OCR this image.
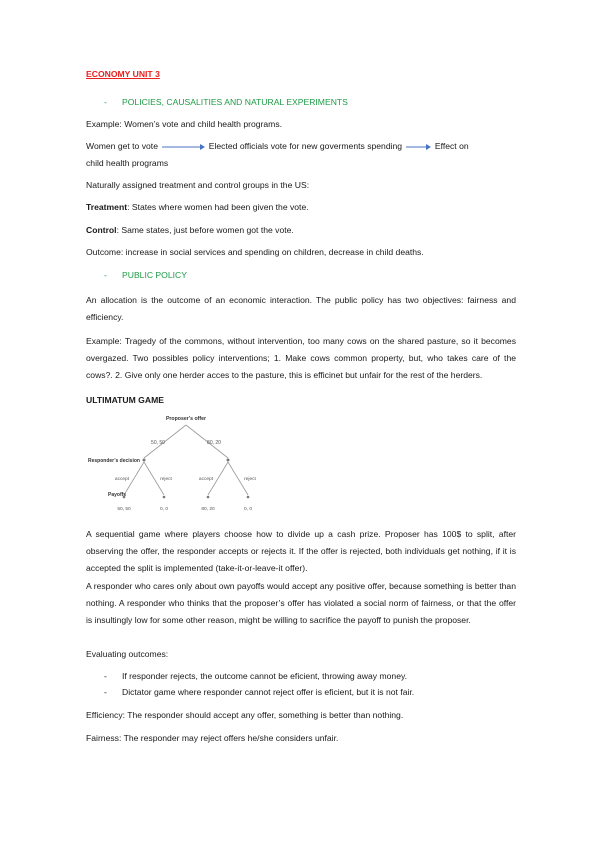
ECONOMY UNIT 3

- POLICIES, CAUSALITIES AND NATURAL EXPERIMENTS

Example: Women’s vote and child health programs.

Women get to vote	Elected officials vote for new goverments spending	Effect on
child health programs

Naturally assigned treatment and control groups in the US:

Treatment: States where women had been given the vote.

Control: Same states, just before women got the vote.

Outcome: increase in social services and spending on children, decrease in child deaths.

- PUBLIC POLICY

An allocation is the outcome of an economic interaction. The public policy has two objectives: fairness and efficiency.

Example: Tragedy of the commons, without intervention, too many cows on the shared pasture, so it becomes overgazed. Two possibles policy interventions; 1. Make cows common property, but, who takes care of the cows?. 2. Give only one herder acces to the pasture, this is efficinet but unfair for the rest of the herders.

ULTIMATUM GAME

Proposer’s offer
50, 50	80, 20
Responder’s decision
accept	reject	accept	reject
Payoffs
50, 50	0, 0	80, 20	0, 0

A sequential game where players choose how to divide up a cash prize. Proposer has 100$ to split, after observing the offer, the responder accepts or rejects it. If the offer is rejected, both individuals get nothing, if it is accepted the split is implemented (take-it-or-leave-it offer).

A responder who cares only about own payoffs would accept any positive offer, because something is better than nothing. A responder who thinks that the proposer’s offer has violated a social norm of fairness, or that the offer is insultingly low for some other reason, might be willing to sacrifice the payoff to punish the proposer.

Evaluating outcomes:

- If responder rejects, the outcome cannot be eficient, throwing away money.

- Dictator game where responder cannot reject offer is eficient, but it is not fair.

Efficiency: The responder should accept any offer, something is better than nothing.

Fairness: The responder may reject offers he/she considers unfair.
